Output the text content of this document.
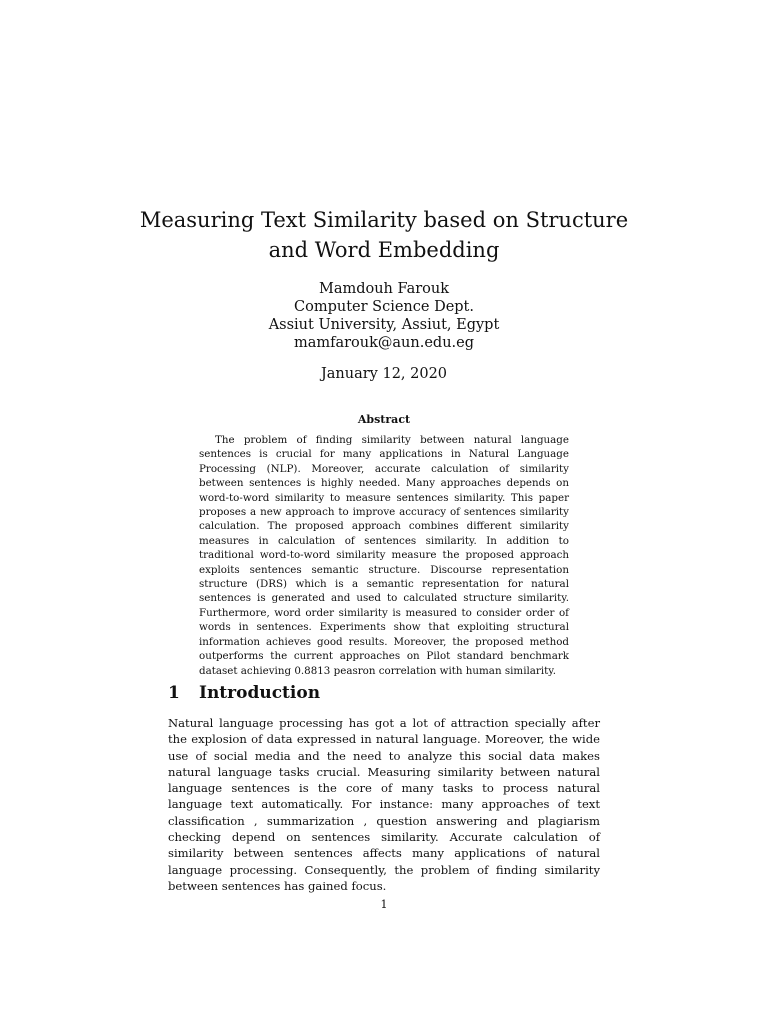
Measuring Text Similarity based on Structure and Word Embedding
Mamdouh Farouk
Computer Science Dept.
Assiut University, Assiut, Egypt
mamfarouk@aun.edu.eg
January 12, 2020
Abstract

The problem of finding similarity between natural language sentences is crucial for many applications in Natural Language Processing (NLP). Moreover, accurate calculation of similarity between sentences is highly needed. Many approaches depends on word-to-word similarity to measure sentences similarity. This paper proposes a new approach to improve accuracy of sentences similarity calculation. The proposed approach combines different similarity measures in calculation of sentences similarity. In addition to traditional word-to-word similarity measure the proposed approach exploits sentences semantic structure. Discourse representation structure (DRS) which is a semantic representation for natural sentences is generated and used to calculated structure similarity. Furthermore, word order similarity is measured to consider order of words in sentences. Experiments show that exploiting structural information achieves good results. Moreover, the proposed method outperforms the current approaches on Pilot standard benchmark dataset achieving 0.8813 peasron correlation with human similarity.

1 Introduction

Natural language processing has got a lot of attraction specially after the explosion of data expressed in natural language. Moreover, the wide use of social media and the need to analyze this social data makes natural language tasks crucial. Measuring similarity between natural language sentences is the core of many tasks to process natural language text automatically. For instance: many approaches of text classification , summarization , question answering and plagiarism checking depend on sentences similarity. Accurate calculation of similarity between sentences affects many applications of natural language processing. Consequently, the problem of finding similarity between sentences has gained focus.

1
